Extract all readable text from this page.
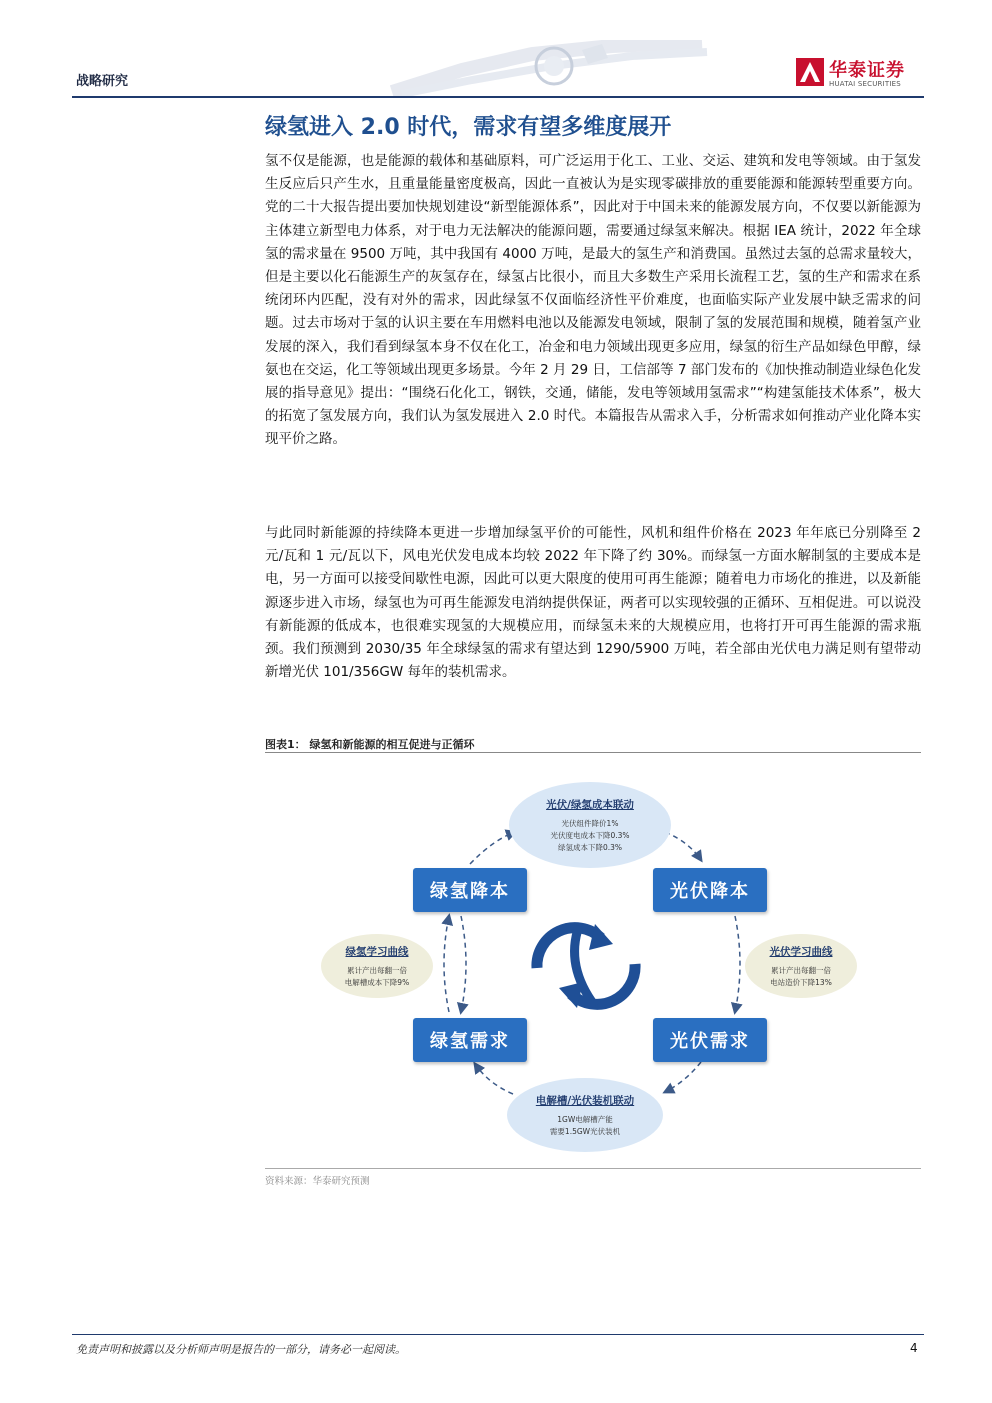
战略研究
华泰证券
HUATAI SECURITIES
绿氢进入 2.0 时代，需求有望多维度展开

氢不仅是能源，也是能源的载体和基础原料，可广泛运用于化工、工业、交运、建筑和发电等领域。由于氢发生反应后只产生水，且重量能量密度极高，因此一直被认为是实现零碳排放的重要能源和能源转型重要方向。党的二十大报告提出要加快规划建设“新型能源体系”，因此对于中国未来的能源发展方向，不仅要以新能源为主体建立新型电力体系，对于电力无法解决的能源问题，需要通过绿氢来解决。根据 IEA 统计，2022 年全球氢的需求量在 9500 万吨，其中我国有 4000 万吨，是最大的氢生产和消费国。虽然过去氢的总需求量较大，但是主要以化石能源生产的灰氢存在，绿氢占比很小，而且大多数生产采用长流程工艺，氢的生产和需求在系统闭环内匹配，没有对外的需求，因此绿氢不仅面临经济性平价难度，也面临实际产业发展中缺乏需求的问题。过去市场对于氢的认识主要在车用燃料电池以及能源发电领域，限制了氢的发展范围和规模，随着氢产业发展的深入，我们看到绿氢本身不仅在化工，冶金和电力领域出现更多应用，绿氢的衍生产品如绿色甲醇，绿氨也在交运，化工等领域出现更多场景。今年 2 月 29 日，工信部等 7 部门发布的《加快推动制造业绿色化发展的指导意见》提出：“围绕石化化工，钢铁，交通，储能，发电等领域用氢需求”“构建氢能技术体系”，极大的拓宽了氢发展方向，我们认为氢发展进入 2.0 时代。本篇报告从需求入手，分析需求如何推动产业化降本实现平价之路。

与此同时新能源的持续降本更进一步增加绿氢平价的可能性，风机和组件价格在 2023 年年底已分别降至 2 元/瓦和 1 元/瓦以下，风电光伏发电成本均较 2022 年下降了约 30%。而绿氢一方面水解制氢的主要成本是电，另一方面可以接受间歇性电源，因此可以更大限度的使用可再生能源；随着电力市场化的推进，以及新能源逐步进入市场，绿氢也为可再生能源发电消纳提供保证，两者可以实现较强的正循环、互相促进。可以说没有新能源的低成本，也很难实现氢的大规模应用，而绿氢未来的大规模应用，也将打开可再生能源的需求瓶颈。我们预测到 2030/35 年全球绿氢的需求有望达到 1290/5900 万吨，若全部由光伏电力满足则有望带动新增光伏 101/356GW 每年的装机需求。

图表1： 绿氢和新能源的相互促进与正循环
光伏/绿氢成本联动
光伏组件降价1%
光伏度电成本下降0.3%
绿氢成本下降0.3%
绿氢学习曲线
累计产出每翻一倍
电解槽成本下降9%
光伏学习曲线
累计产出每翻一倍
电站造价下降13%
电解槽/光伏装机联动
1GW电解槽产能
需要1.5GW光伏装机
绿氢降本	光伏降本
绿氢需求	光伏需求
资料来源：华泰研究预测
免责声明和披露以及分析师声明是报告的一部分，请务必一起阅读。	4
